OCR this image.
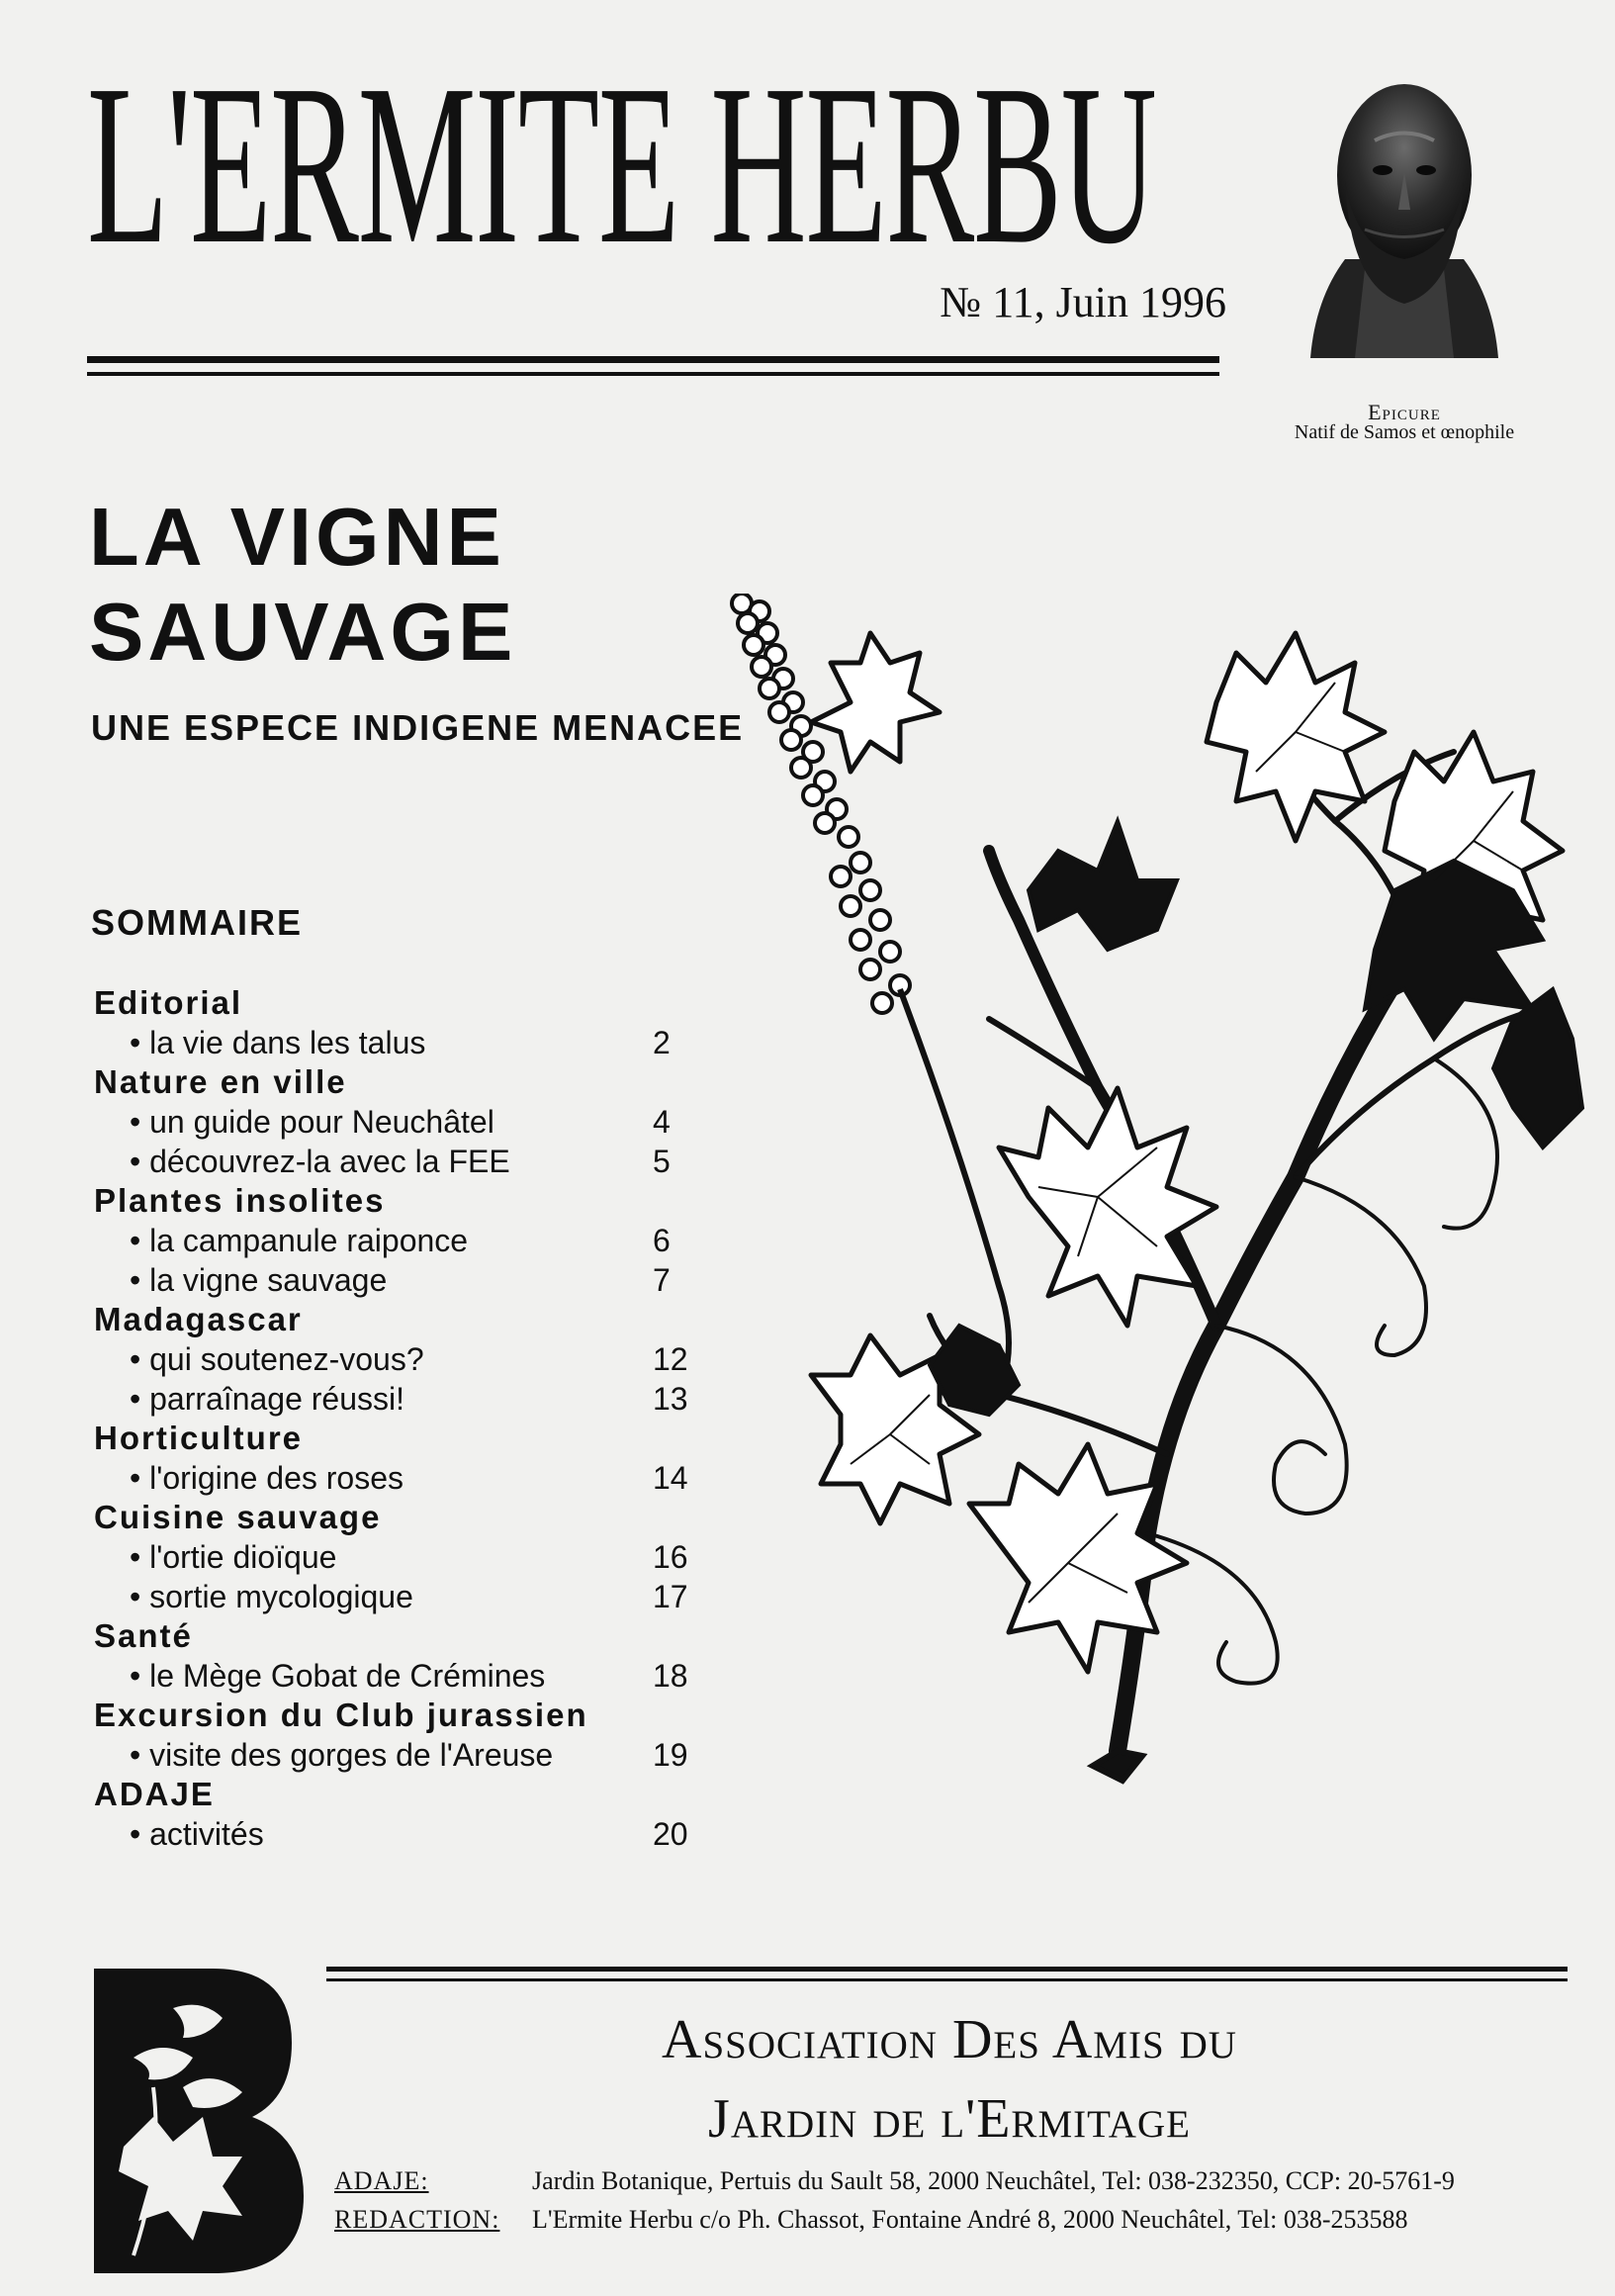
L'ERMITE HERBU
№ 11, Juin 1996
Epicure
Natif de Samos et œnophile
LA VIGNE
SAUVAGE
UNE ESPECE INDIGENE MENACEE
SOMMAIRE
Editorial
• la vie dans les talus	2
Nature en ville
• un guide pour Neuchâtel	4
• découvrez-la avec la FEE	5
Plantes insolites
• la campanule raiponce	6
• la vigne sauvage	7
Madagascar
• qui soutenez-vous?	12
• parraînage réussi!	13
Horticulture
• l'origine des roses	14
Cuisine sauvage
• l'ortie dioïque	16
• sortie mycologique	17
Santé
• le Mège Gobat de Crémines	18
Excursion du Club jurassien
• visite des gorges de l'Areuse	19
ADAJE
• activités	20
Association Des Amis du
Jardin de l'Ermitage
ADAJE:	Jardin Botanique, Pertuis du Sault 58, 2000 Neuchâtel, Tel: 038-232350, CCP: 20-5761-9
REDACTION: L'Ermite Herbu c/o Ph. Chassot, Fontaine André 8, 2000 Neuchâtel, Tel: 038-253588
